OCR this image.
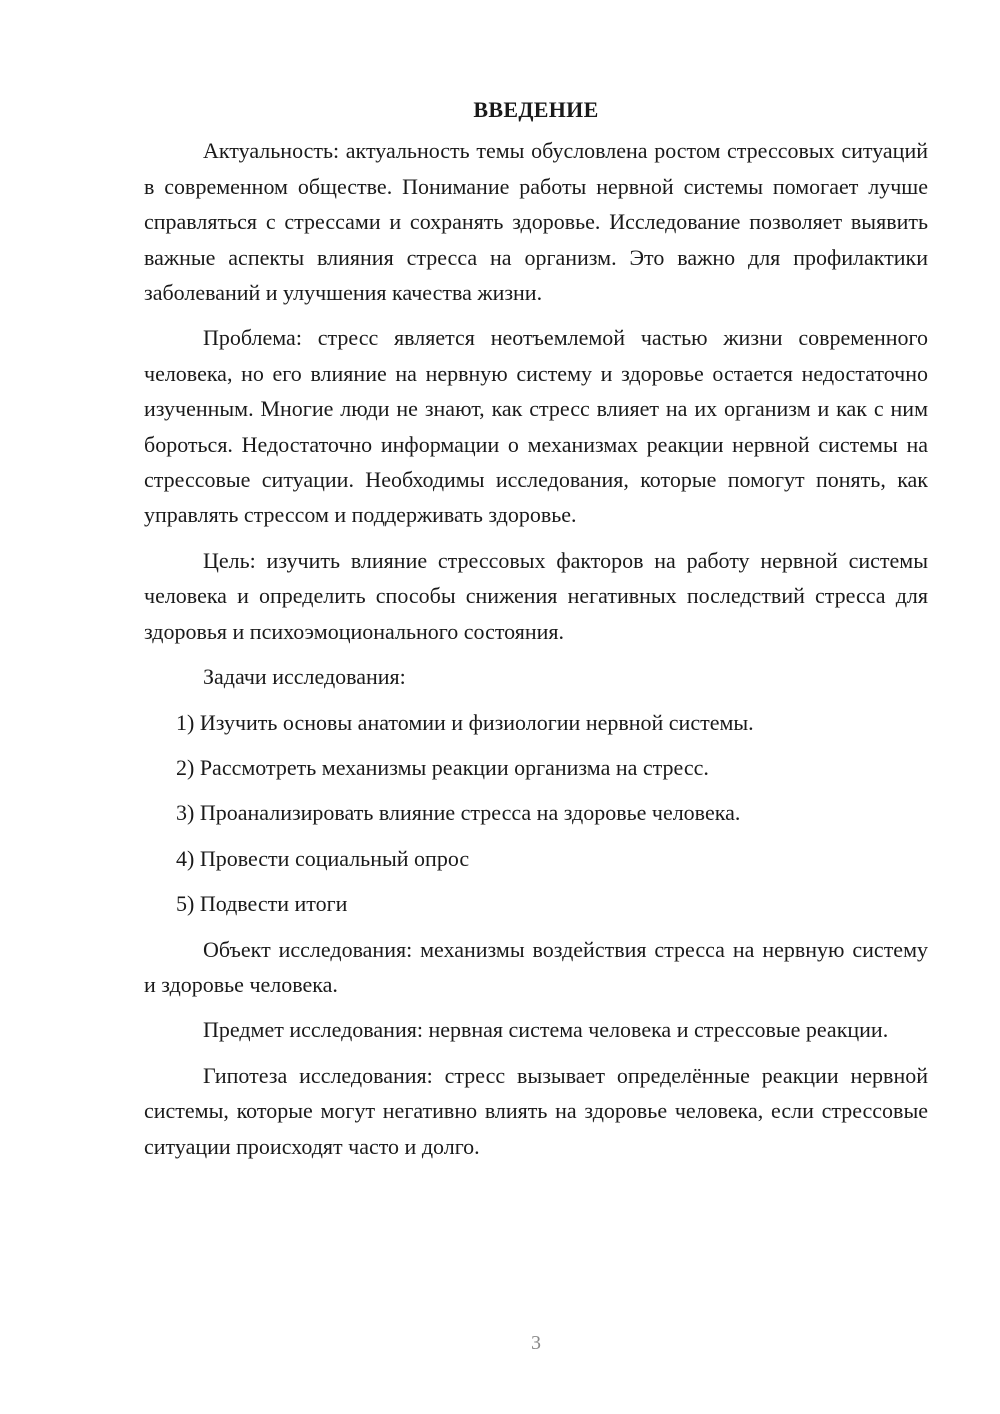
ВВЕДЕНИЕ

Актуальность: актуальность темы обусловлена ростом стрессовых ситуаций в современном обществе. Понимание работы нервной системы помогает лучше справляться с стрессами и сохранять здоровье. Исследование позволяет выявить важные аспекты влияния стресса на организм. Это важно для профилактики заболеваний и улучшения качества жизни.

Проблема: стресс является неотъемлемой частью жизни современного человека, но его влияние на нервную систему и здоровье остается недостаточно изученным. Многие люди не знают, как стресс влияет на их организм и как с ним бороться. Недостаточно информации о механизмах реакции нервной системы на стрессовые ситуации. Необходимы исследования, которые помогут понять, как управлять стрессом и поддерживать здоровье.

Цель: изучить влияние стрессовых факторов на работу нервной системы человека и определить способы снижения негативных последствий стресса для здоровья и психоэмоционального состояния.

Задачи исследования:

1) Изучить основы анатомии и физиологии нервной системы.

2) Рассмотреть механизмы реакции организма на стресс.

3) Проанализировать влияние стресса на здоровье человека.

4) Провести социальный опрос

5) Подвести итоги

Объект исследования: механизмы воздействия стресса на нервную систему и здоровье человека.

Предмет исследования: нервная система человека и стрессовые реакции.

Гипотеза исследования: стресс вызывает определённые реакции нервной системы, которые могут негативно влиять на здоровье человека, если стрессовые ситуации происходят часто и долго.

3
